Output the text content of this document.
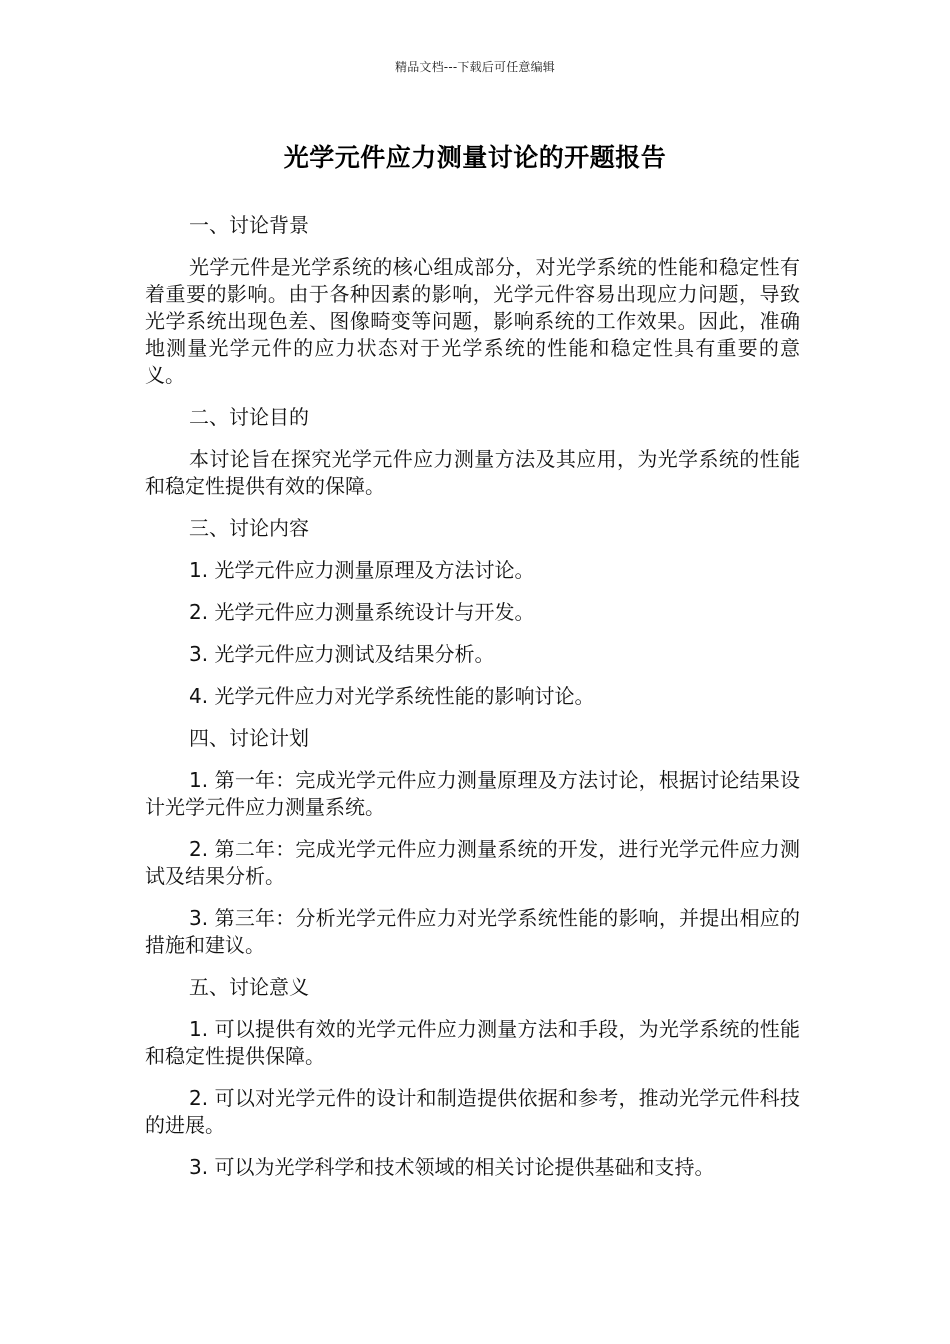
精品文档---下载后可任意编辑
光学元件应力测量讨论的开题报告

一、讨论背景

光学元件是光学系统的核心组成部分，对光学系统的性能和稳定性有着重要的影响。由于各种因素的影响，光学元件容易出现应力问题，导致光学系统出现色差、图像畸变等问题，影响系统的工作效果。因此，准确地测量光学元件的应力状态对于光学系统的性能和稳定性具有重要的意义。

二、讨论目的

本讨论旨在探究光学元件应力测量方法及其应用，为光学系统的性能和稳定性提供有效的保障。

三、讨论内容

1. 光学元件应力测量原理及方法讨论。

2. 光学元件应力测量系统设计与开发。

3. 光学元件应力测试及结果分析。

4. 光学元件应力对光学系统性能的影响讨论。

四、讨论计划

1. 第一年：完成光学元件应力测量原理及方法讨论，根据讨论结果设计光学元件应力测量系统。

2. 第二年：完成光学元件应力测量系统的开发，进行光学元件应力测试及结果分析。

3. 第三年：分析光学元件应力对光学系统性能的影响，并提出相应的措施和建议。

五、讨论意义

1. 可以提供有效的光学元件应力测量方法和手段，为光学系统的性能和稳定性提供保障。

2. 可以对光学元件的设计和制造提供依据和参考，推动光学元件科技的进展。

3. 可以为光学科学和技术领域的相关讨论提供基础和支持。
